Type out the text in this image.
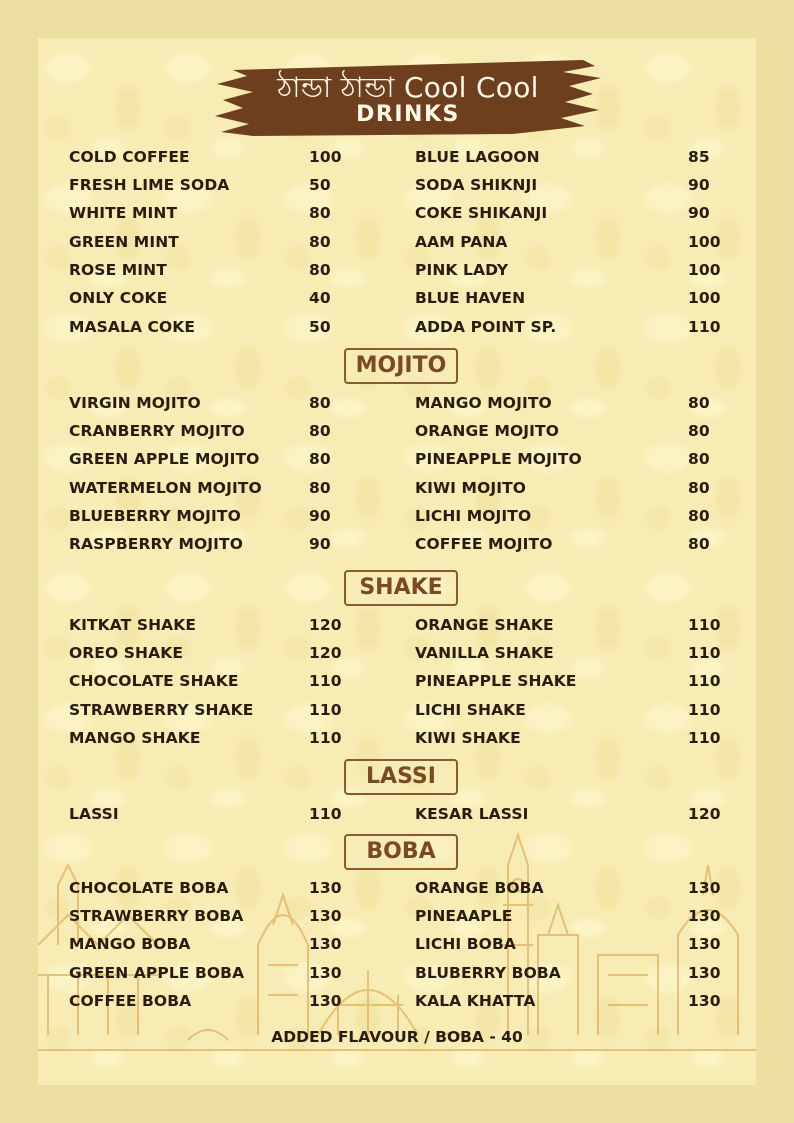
ঠান্ডা ঠান্ডা Cool Cool
DRINKS
COLD COFFEE	100
FRESH LIME SODA	50
WHITE MINT	80
GREEN MINT	80
ROSE MINT	80
ONLY COKE	40
MASALA COKE	50
BLUE LAGOON	85
SODA SHIKNJI	90
COKE SHIKANJI	90
AAM PANA	100
PINK LADY	100
BLUE HAVEN	100
ADDA POINT SP.	110
MOJITO
VIRGIN MOJITO	80
CRANBERRY MOJITO	80
GREEN APPLE MOJITO	80
WATERMELON MOJITO	80
BLUEBERRY MOJITO	90
RASPBERRY MOJITO	90
MANGO MOJITO	80
ORANGE MOJITO	80
PINEAPPLE MOJITO	80
KIWI MOJITO	80
LICHI MOJITO	80
COFFEE MOJITO	80
SHAKE
KITKAT SHAKE	120
OREO SHAKE	120
CHOCOLATE SHAKE	110
STRAWBERRY SHAKE	110
MANGO SHAKE	110
ORANGE SHAKE	110
VANILLA SHAKE	110
PINEAPPLE SHAKE	110
LICHI SHAKE	110
KIWI SHAKE	110
LASSI
LASSI	110	KESAR LASSI	120
BOBA
CHOCOLATE BOBA	130
STRAWBERRY BOBA	130
MANGO BOBA	130
GREEN APPLE BOBA	130
COFFEE BOBA	130
ORANGE BOBA	130
PINEAAPLE	130
LICHI BOBA	130
BLUBERRY BOBA	130
KALA KHATTA	130
ADDED FLAVOUR / BOBA - 40
